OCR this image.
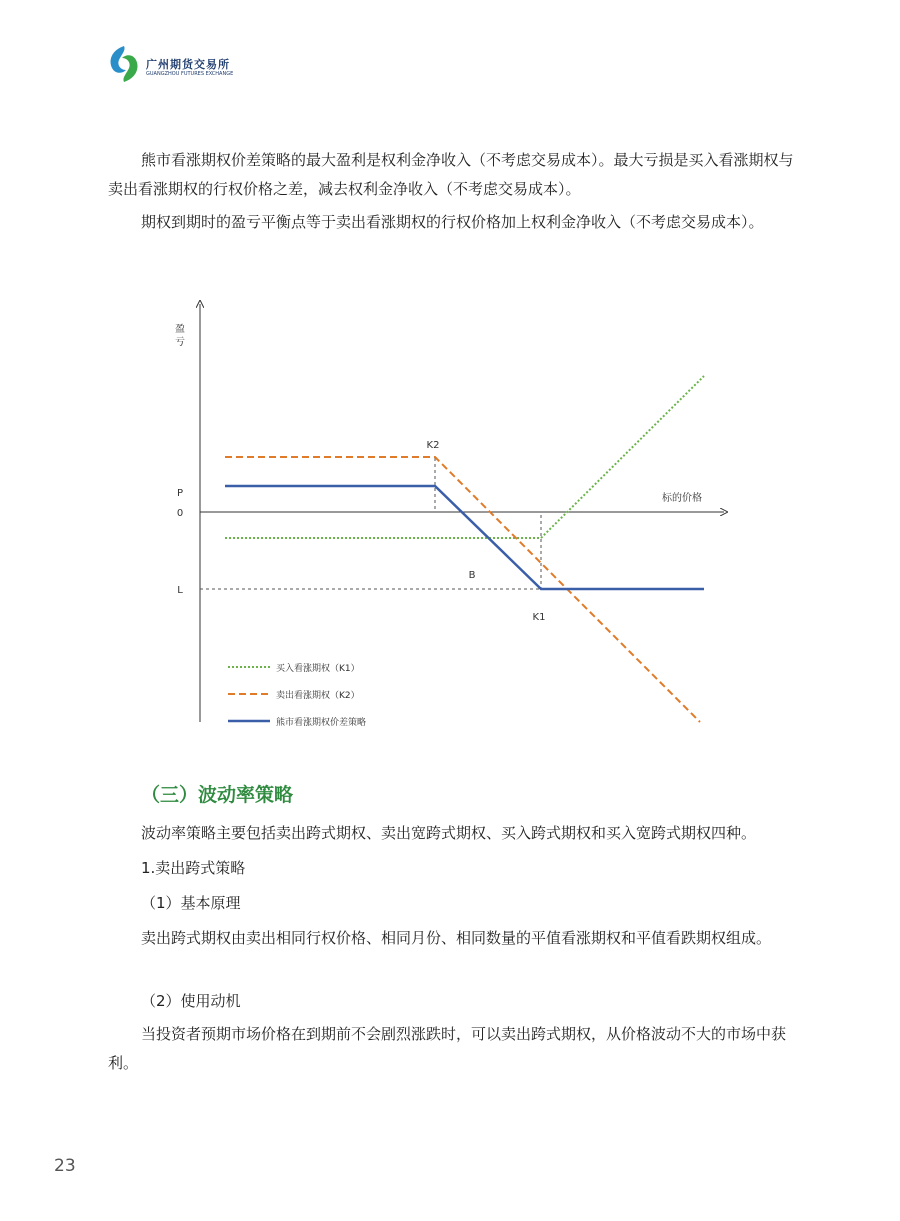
广州期货交易所
GUANGZHOU FUTURES EXCHANGE

熊市看涨期权价差策略的最大盈利是权利金净收入（不考虑交易成本）。最大亏损是买入看涨期权与卖出看涨期权的行权价格之差，减去权利金净收入（不考虑交易成本）。

期权到期时的盈亏平衡点等于卖出看涨期权的行权价格加上权利金净收入（不考虑交易成本）。

盈
亏
标的价格
P
0
L
K2
B
K1
买入看涨期权（K1）
卖出看涨期权（K2）
熊市看涨期权价差策略
（三）波动率策略

波动率策略主要包括卖出跨式期权、卖出宽跨式期权、买入跨式期权和买入宽跨式期权四种。

1.卖出跨式策略

（1）基本原理

卖出跨式期权由卖出相同行权价格、相同月份、相同数量的平值看涨期权和平值看跌期权组成。

（2）使用动机

当投资者预期市场价格在到期前不会剧烈涨跌时，可以卖出跨式期权，从价格波动不大的市场中获利。

23
